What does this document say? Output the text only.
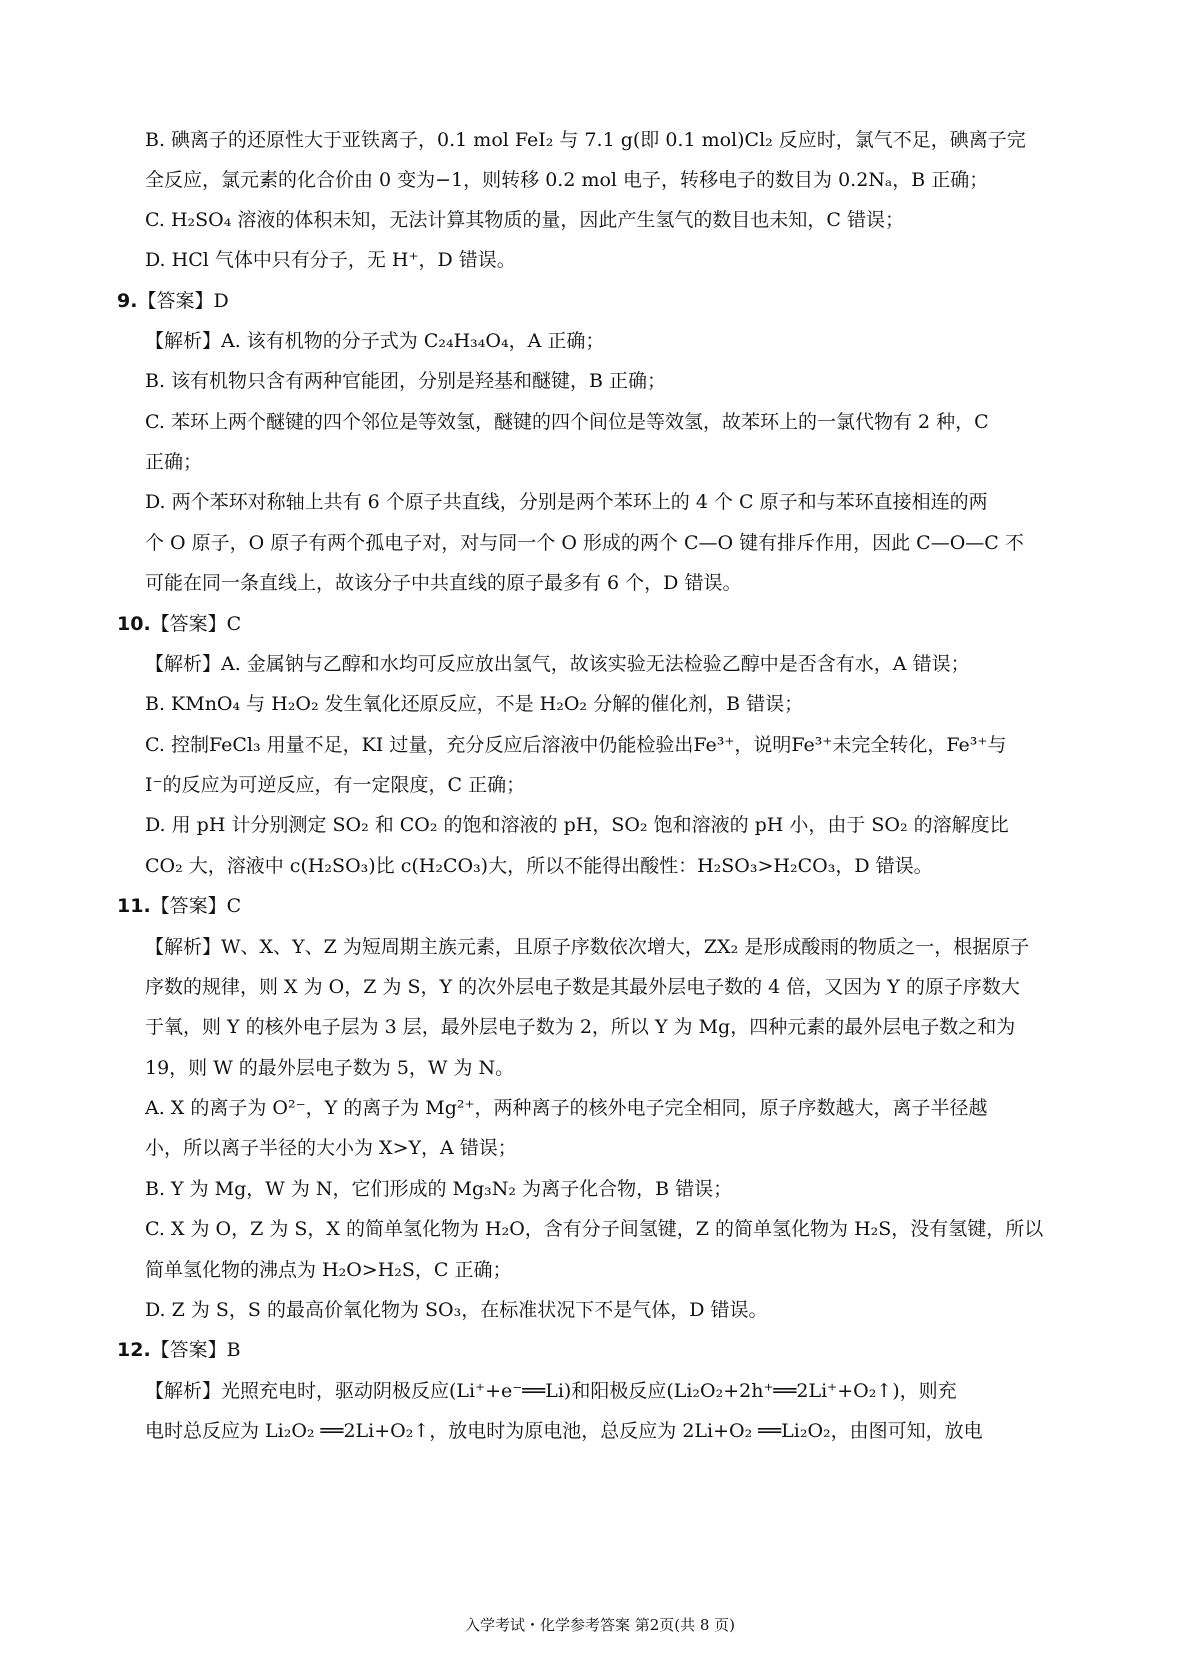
B. 碘离子的还原性大于亚铁离子，0.1 mol FeI₂ 与 7.1 g(即 0.1 mol)Cl₂ 反应时，氯气不足，碘离子完
全反应，氯元素的化合价由 0 变为−1，则转移 0.2 mol 电子，转移电子的数目为 0.2Nₐ，B 正确；
C. H₂SO₄ 溶液的体积未知，无法计算其物质的量，因此产生氢气的数目也未知，C 错误；
D. HCl 气体中只有分子，无 H⁺，D 错误。
9.【答案】D
【解析】A. 该有机物的分子式为 C₂₄H₃₄O₄，A 正确；
B. 该有机物只含有两种官能团，分别是羟基和醚键，B 正确；
C. 苯环上两个醚键的四个邻位是等效氢，醚键的四个间位是等效氢，故苯环上的一氯代物有 2 种，C
正确；
D. 两个苯环对称轴上共有 6 个原子共直线，分别是两个苯环上的 4 个 C 原子和与苯环直接相连的两
个 O 原子，O 原子有两个孤电子对，对与同一个 O 形成的两个 C—O 键有排斥作用，因此 C—O—C 不
可能在同一条直线上，故该分子中共直线的原子最多有 6 个，D 错误。
10.【答案】C
【解析】A. 金属钠与乙醇和水均可反应放出氢气，故该实验无法检验乙醇中是否含有水，A 错误；
B. KMnO₄ 与 H₂O₂ 发生氧化还原反应，不是 H₂O₂ 分解的催化剂，B 错误；
C. 控制FeCl₃ 用量不足，KI 过量，充分反应后溶液中仍能检验出Fe³⁺，说明Fe³⁺未完全转化，Fe³⁺与
I⁻的反应为可逆反应，有一定限度，C 正确；
D. 用 pH 计分别测定 SO₂ 和 CO₂ 的饱和溶液的 pH，SO₂ 饱和溶液的 pH 小，由于 SO₂ 的溶解度比
CO₂ 大，溶液中 c(H₂SO₃)比 c(H₂CO₃)大，所以不能得出酸性：H₂SO₃>H₂CO₃，D 错误。
11.【答案】C
【解析】W、X、Y、Z 为短周期主族元素，且原子序数依次增大，ZX₂ 是形成酸雨的物质之一，根据原子
序数的规律，则 X 为 O，Z 为 S，Y 的次外层电子数是其最外层电子数的 4 倍，又因为 Y 的原子序数大
于氧，则 Y 的核外电子层为 3 层，最外层电子数为 2，所以 Y 为 Mg，四种元素的最外层电子数之和为
19，则 W 的最外层电子数为 5，W 为 N。
A. X 的离子为 O²⁻，Y 的离子为 Mg²⁺，两种离子的核外电子完全相同，原子序数越大，离子半径越
小，所以离子半径的大小为 X>Y，A 错误；
B. Y 为 Mg，W 为 N，它们形成的 Mg₃N₂ 为离子化合物，B 错误；
C. X 为 O，Z 为 S，X 的简单氢化物为 H₂O，含有分子间氢键，Z 的简单氢化物为 H₂S，没有氢键，所以
简单氢化物的沸点为 H₂O>H₂S，C 正确；
D. Z 为 S，S 的最高价氧化物为 SO₃，在标准状况下不是气体，D 错误。
12.【答案】B
【解析】光照充电时，驱动阴极反应(Li⁺+e⁻══Li)和阳极反应(Li₂O₂+2h⁺══2Li⁺+O₂↑)，则充
电时总反应为 Li₂O₂ ══2Li+O₂↑，放电时为原电池，总反应为 2Li+O₂ ══Li₂O₂，由图可知，放电
入学考试・化学参考答案 第2页(共 8 页)
